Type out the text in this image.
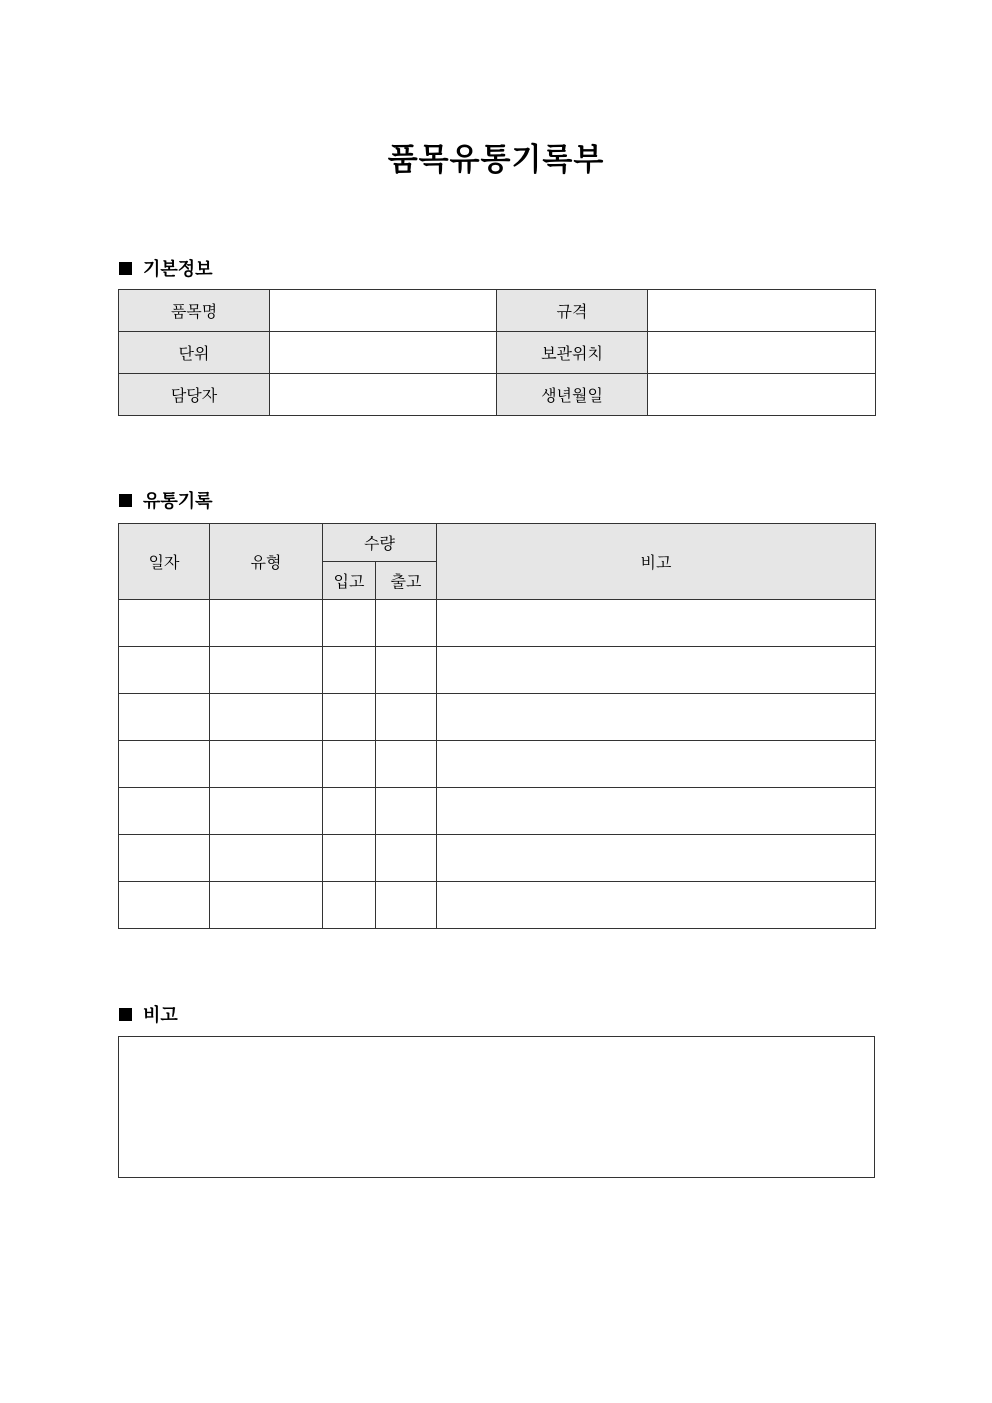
품목유통기록부
기본정보
품목명		규격	
단위		보관위치	
담당자		생년월일	
유통기록
일자	유형	수량		비고
		입고	출고	

비고
